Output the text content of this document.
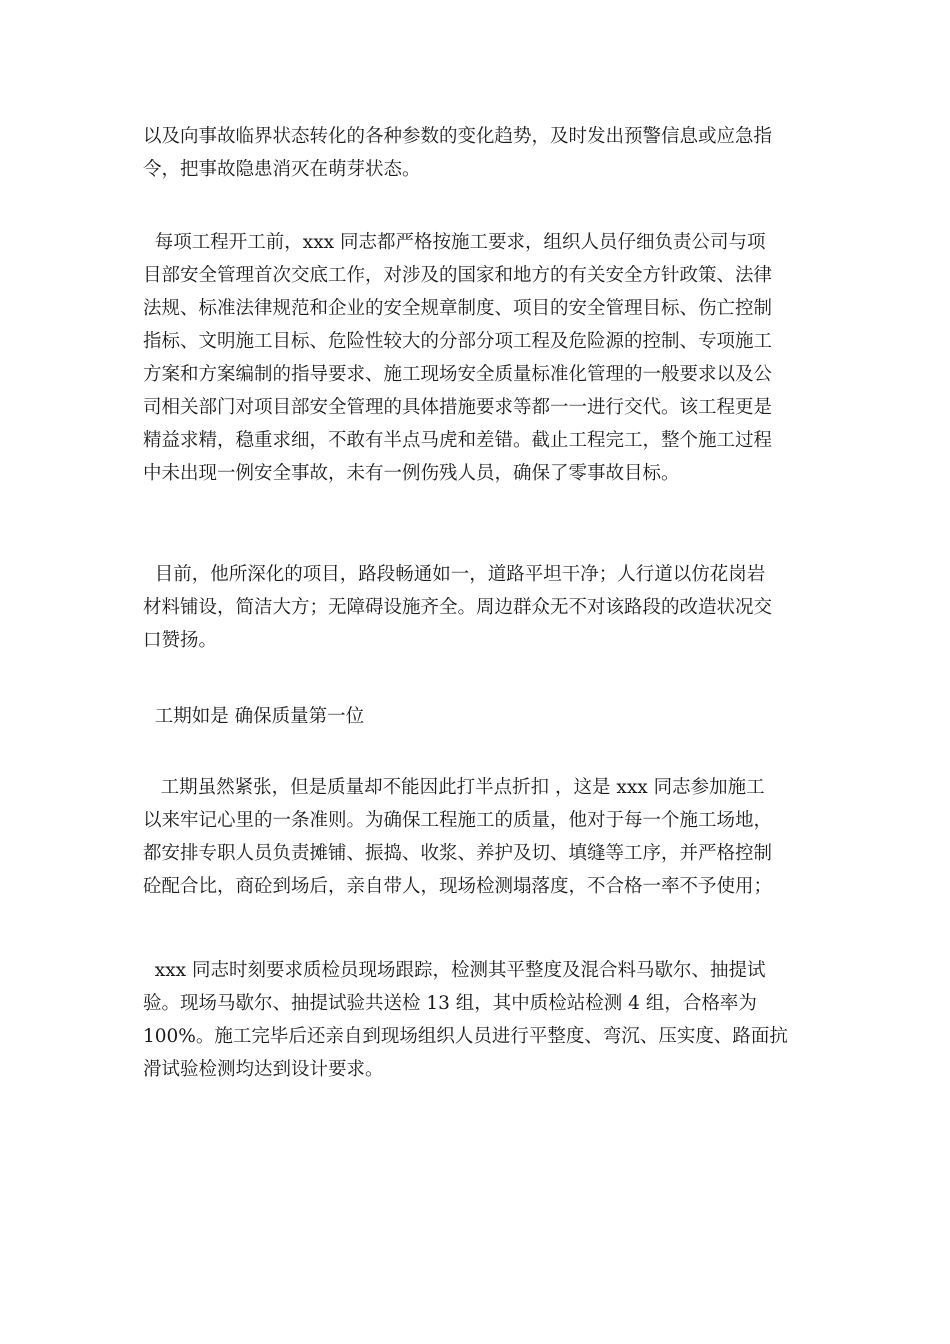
以及向事故临界状态转化的各种参数的变化趋势，及时发出预警信息或应急指
令，把事故隐患消灭在萌芽状态。
每项工程开工前，xxx 同志都严格按施工要求，组织人员仔细负责公司与项
目部安全管理首次交底工作，对涉及的国家和地方的有关安全方针政策、法律
法规、标准法律规范和企业的安全规章制度、项目的安全管理目标、伤亡控制
指标、文明施工目标、危险性较大的分部分项工程及危险源的控制、专项施工
方案和方案编制的指导要求、施工现场安全质量标准化管理的一般要求以及公
司相关部门对项目部安全管理的具体措施要求等都一一进行交代。该工程更是
精益求精，稳重求细，不敢有半点马虎和差错。截止工程完工，整个施工过程
中未出现一例安全事故，未有一例伤残人员，确保了零事故目标。
目前，他所深化的项目，路段畅通如一，道路平坦干净；人行道以仿花岗岩
材料铺设，简洁大方；无障碍设施齐全。周边群众无不对该路段的改造状况交
口赞扬。
工期如是 确保质量第一位
工期虽然紧张，但是质量却不能因此打半点折扣 ，这是 xxx 同志参加施工
以来牢记心里的一条准则。为确保工程施工的质量，他对于每一个施工场地，
都安排专职人员负责摊铺、振捣、收浆、养护及切、填缝等工序，并严格控制
砼配合比，商砼到场后，亲自带人，现场检测塌落度，不合格一率不予使用；
xxx 同志时刻要求质检员现场跟踪，检测其平整度及混合料马歇尔、抽提试
验。现场马歇尔、抽提试验共送检 13 组，其中质检站检测 4 组，合格率为
100%。施工完毕后还亲自到现场组织人员进行平整度、弯沉、压实度、路面抗
滑试验检测均达到设计要求。
